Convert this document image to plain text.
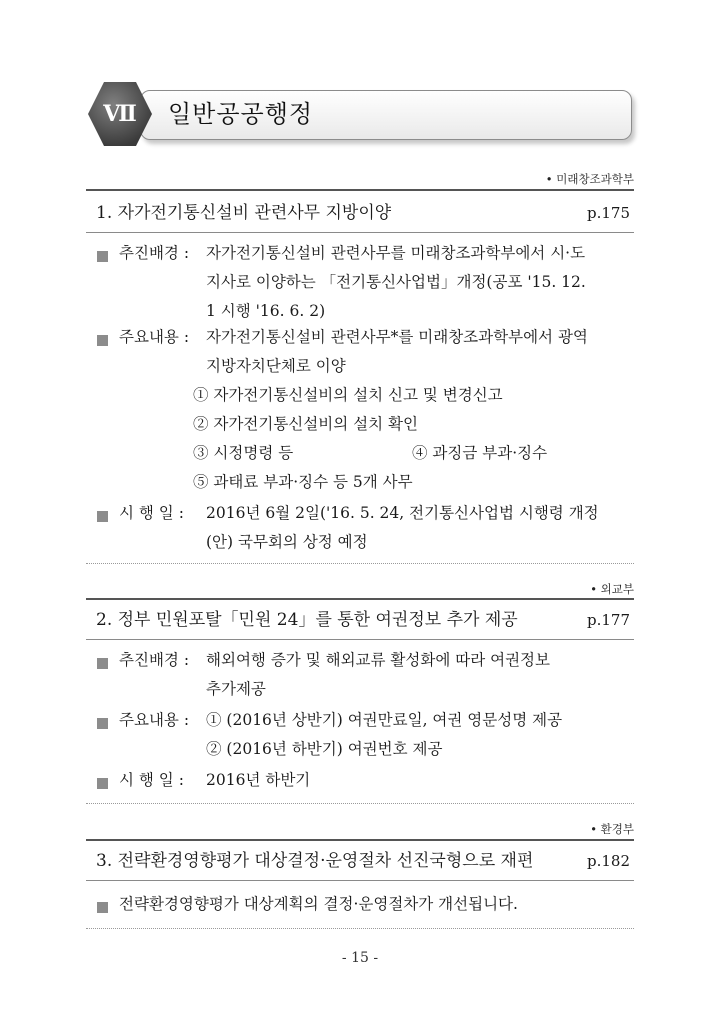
일반공공행정
Ⅶ
• 미래창조과학부
1. 자가전기통신설비 관련사무 지방이양	p.175
추진배경 : 자가전기통신설비 관련사무를 미래창조과학부에서 시·도
지사로 이양하는 「전기통신사업법」개정(공포 '15. 12.
1 시행 '16. 6. 2)
주요내용 : 자가전기통신설비 관련사무*를 미래창조과학부에서 광역
지방자치단체로 이양
① 자가전기통신설비의 설치 신고 및 변경신고
② 자가전기통신설비의 설치 확인
③ 시정명령 등	④ 과징금 부과·징수
⑤ 과태료 부과·징수 등 5개 사무
시 행 일 : 2016년 6월 2일('16. 5. 24, 전기통신사업법 시행령 개정
(안) 국무회의 상정 예정
• 외교부
2. 정부 민원포탈「민원 24」를 통한 여권정보 추가 제공	p.177
추진배경 : 해외여행 증가 및 해외교류 활성화에 따라 여권정보
추가제공
주요내용 : ① (2016년 상반기) 여권만료일, 여권 영문성명 제공
② (2016년 하반기) 여권번호 제공
시 행 일 : 2016년 하반기
• 환경부
3. 전략환경영향평가 대상결정·운영절차 선진국형으로 재편	p.182
전략환경영향평가 대상계획의 결정·운영절차가 개선됩니다.
- 15 -
